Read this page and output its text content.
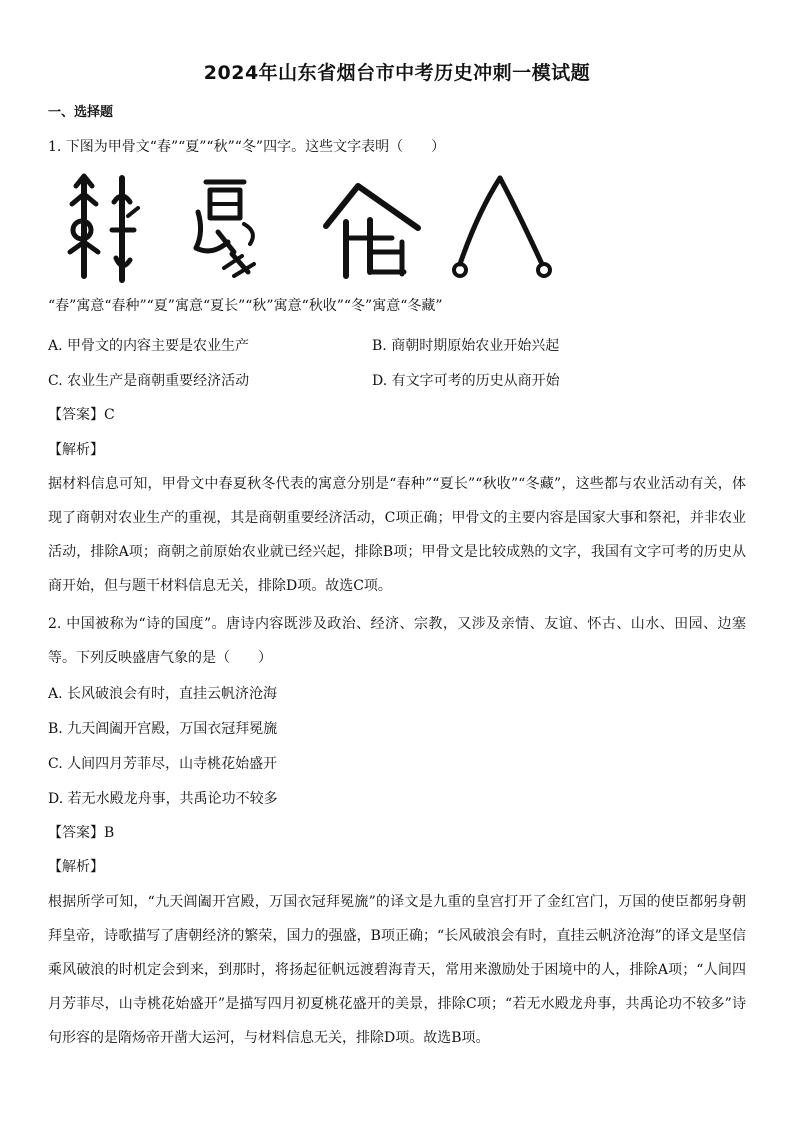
2024年山东省烟台市中考历史冲刺一模试题
一、选择题
1. 下图为甲骨文“春”“夏”“秋”“冬”四字。这些文字表明（　　）
“春”寓意“春种”“夏”寓意“夏长”“秋”寓意“秋收”“冬”寓意“冬藏”
A. 甲骨文的内容主要是农业生产	B. 商朝时期原始农业开始兴起
C. 农业生产是商朝重要经济活动	D. 有文字可考的历史从商开始
【答案】C
【解析】
据材料信息可知，甲骨文中春夏秋冬代表的寓意分别是“春种”“夏长”“秋收”“冬藏”，这些都与农业活动有关，体现了商朝对农业生产的重视，其是商朝重要经济活动，C项正确；甲骨文的主要内容是国家大事和祭祀，并非农业活动，排除A项；商朝之前原始农业就已经兴起，排除B项；甲骨文是比较成熟的文字，我国有文字可考的历史从商开始，但与题干材料信息无关，排除D项。故选C项。
2. 中国被称为“诗的国度”。唐诗内容既涉及政治、经济、宗教，又涉及亲情、友谊、怀古、山水、田园、边塞等。下列反映盛唐气象的是（　　）
A. 长风破浪会有时，直挂云帆济沧海
B. 九天阊阖开宫殿，万国衣冠拜冕旒
C. 人间四月芳菲尽，山寺桃花始盛开
D. 若无水殿龙舟事，共禹论功不较多
【答案】B
【解析】
根据所学可知，“九天阊阖开宫殿，万国衣冠拜冕旒”的译文是九重的皇宫打开了金红宫门，万国的使臣都躬身朝拜皇帝，诗歌描写了唐朝经济的繁荣，国力的强盛，B项正确；“长风破浪会有时，直挂云帆济沧海”的译文是坚信乘风破浪的时机定会到来，到那时，将扬起征帆远渡碧海青天，常用来激励处于困境中的人，排除A项；“人间四月芳菲尽，山寺桃花始盛开”是描写四月初夏桃花盛开的美景，排除C项；“若无水殿龙舟事，共禹论功不较多”诗句形容的是隋炀帝开凿大运河，与材料信息无关，排除D项。故选B项。
